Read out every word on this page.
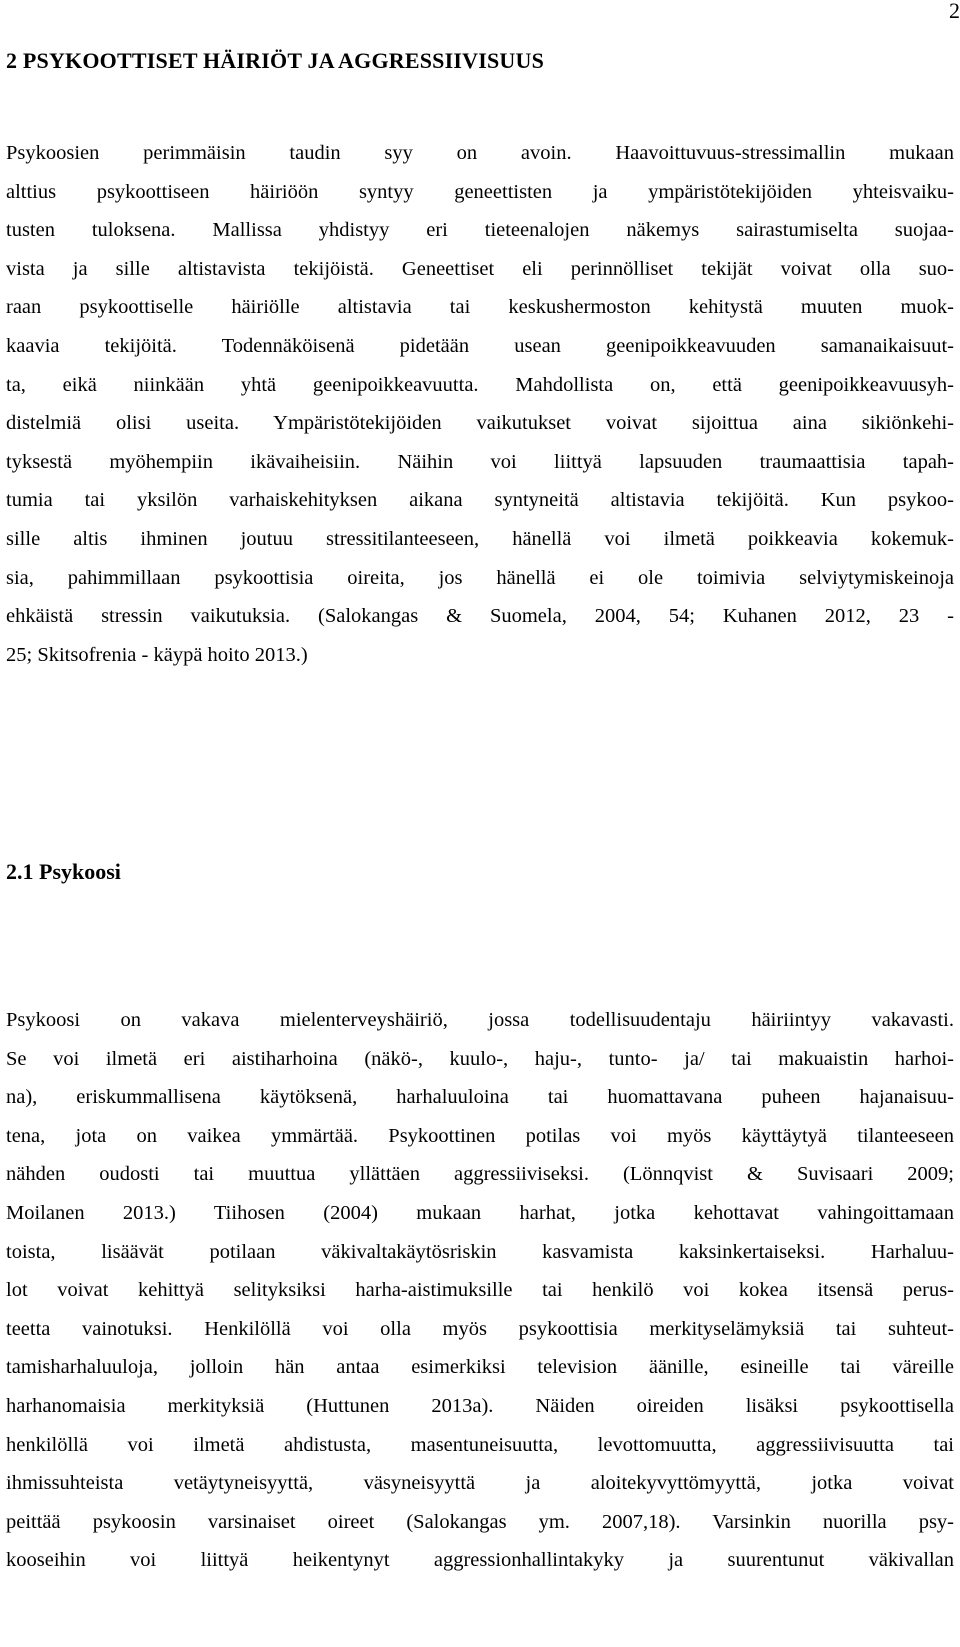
2
2 PSYKOOTTISET HÄIRIÖT JA AGGRESSIIVISUUS
Psykoosien perimmäisin taudin syy on avoin. Haavoittuvuus-stressimallin mukaan
alttius psykoottiseen häiriöön syntyy geneettisten ja ympäristötekijöiden yhteisvaiku-
tusten tuloksena. Mallissa yhdistyy eri tieteenalojen näkemys sairastumiselta suojaa-
vista ja sille altistavista tekijöistä. Geneettiset eli perinnölliset tekijät voivat olla suo-
raan psykoottiselle häiriölle altistavia tai keskushermoston kehitystä muuten muok-
kaavia tekijöitä. Todennäköisenä pidetään usean geenipoikkeavuuden samanaikaisuut-
ta, eikä niinkään yhtä geenipoikkeavuutta. Mahdollista on, että geenipoikkeavuusyh-
distelmiä olisi useita. Ympäristötekijöiden vaikutukset voivat sijoittua aina sikiönkehi-
tyksestä myöhempiin ikävaiheisiin. Näihin voi liittyä lapsuuden traumaattisia tapah-
tumia tai yksilön varhaiskehityksen aikana syntyneitä altistavia tekijöitä. Kun psykoo-
sille altis ihminen joutuu stressitilanteeseen, hänellä voi ilmetä poikkeavia kokemuk-
sia, pahimmillaan psykoottisia oireita, jos hänellä ei ole toimivia selviytymiskeinoja
ehkäistä stressin vaikutuksia. (Salokangas & Suomela, 2004, 54; Kuhanen 2012, 23 -
25; Skitsofrenia - käypä hoito 2013.)
2.1 Psykoosi
Psykoosi on vakava mielenterveyshäiriö, jossa todellisuudentaju häiriintyy vakavasti.
Se voi ilmetä eri aistiharhoina (näkö-, kuulo-, haju-, tunto- ja/ tai makuaistin harhoi-
na), eriskummallisena käytöksenä, harhaluuloina tai huomattavana puheen hajanaisuu-
tena, jota on vaikea ymmärtää. Psykoottinen potilas voi myös käyttäytyä tilanteeseen
nähden oudosti tai muuttua yllättäen aggressiiviseksi. (Lönnqvist & Suvisaari 2009;
Moilanen 2013.) Tiihosen (2004) mukaan harhat, jotka kehottavat vahingoittamaan
toista, lisäävät potilaan väkivaltakäytösriskin kasvamista kaksinkertaiseksi. Harhaluu-
lot voivat kehittyä selityksiksi harha-aistimuksille tai henkilö voi kokea itsensä perus-
teetta vainotuksi. Henkilöllä voi olla myös psykoottisia merkityselämyksiä tai suhteut-
tamisharhaluuloja, jolloin hän antaa esimerkiksi television äänille, esineille tai väreille
harhanomaisia merkityksiä (Huttunen 2013a). Näiden oireiden lisäksi psykoottisella
henkilöllä voi ilmetä ahdistusta, masentuneisuutta, levottomuutta, aggressiivisuutta tai
ihmissuhteista vetäytyneisyyttä, väsyneisyyttä ja aloitekyvyttömyyttä, jotka voivat
peittää psykoosin varsinaiset oireet (Salokangas ym. 2007,18). Varsinkin nuorilla psy-
kooseihin voi liittyä heikentynyt aggressionhallintakyky ja suurentunut väkivallan
